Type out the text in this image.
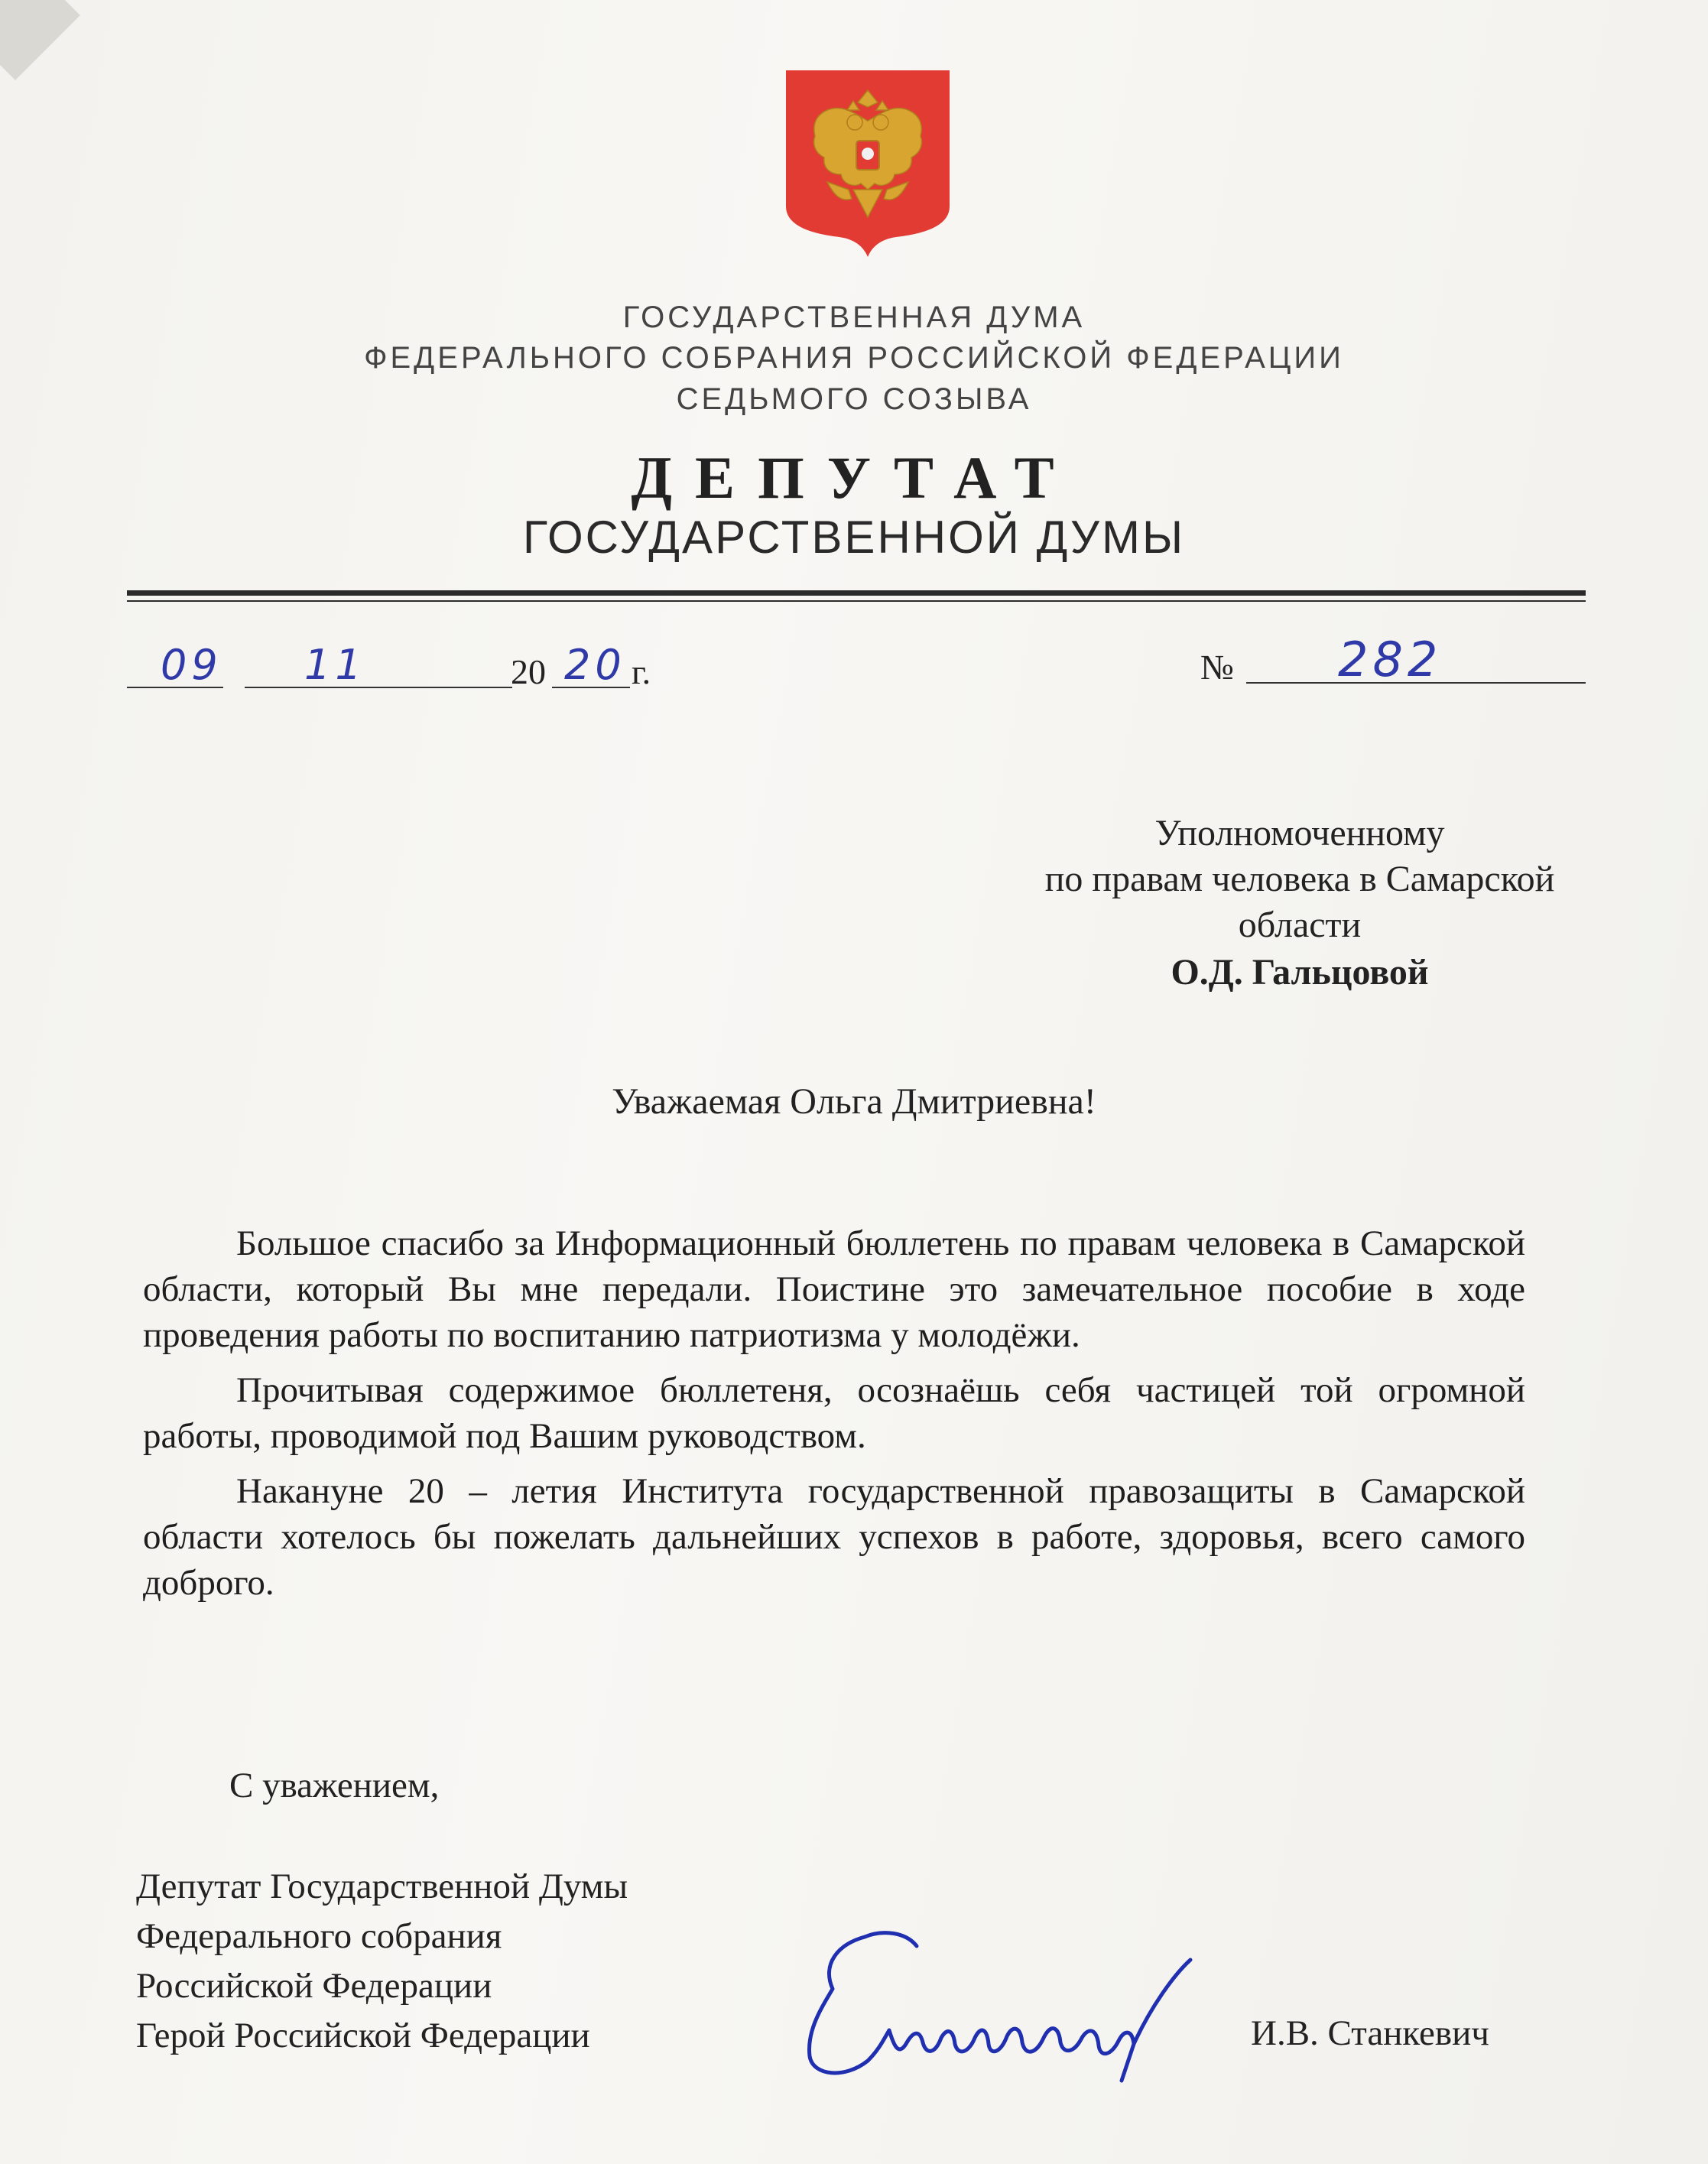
ГОСУДАРСТВЕННАЯ ДУМА
ФЕДЕРАЛЬНОГО СОБРАНИЯ РОССИЙСКОЙ ФЕДЕРАЦИИ
СЕДЬМОГО СОЗЫВА
ДЕПУТАТ
ГОСУДАРСТВЕННОЙ ДУМЫ
09 11	20 20 г.	№ 282
Уполномоченному
по правам человека в Самарской
области
О.Д. Гальцовой
Уважаемая Ольга Дмитриевна!

Большое спасибо за Информационный бюллетень по правам человека в Самарской области, который Вы мне передали. Поистине это замечательное пособие в ходе проведения работы по воспитанию патриотизма у молодёжи.

Прочитывая содержимое бюллетеня, осознаёшь себя частицей той огромной работы, проводимой под Вашим руководством.

Накануне 20 – летия Института государственной правозащиты в Самарской области хотелось бы пожелать дальнейших успехов в работе, здоровья, всего самого доброго.

С уважением,
Депутат Государственной Думы
Федерального собрания
Российской Федерации
Герой Российской Федерации	И.В. Станкевич
